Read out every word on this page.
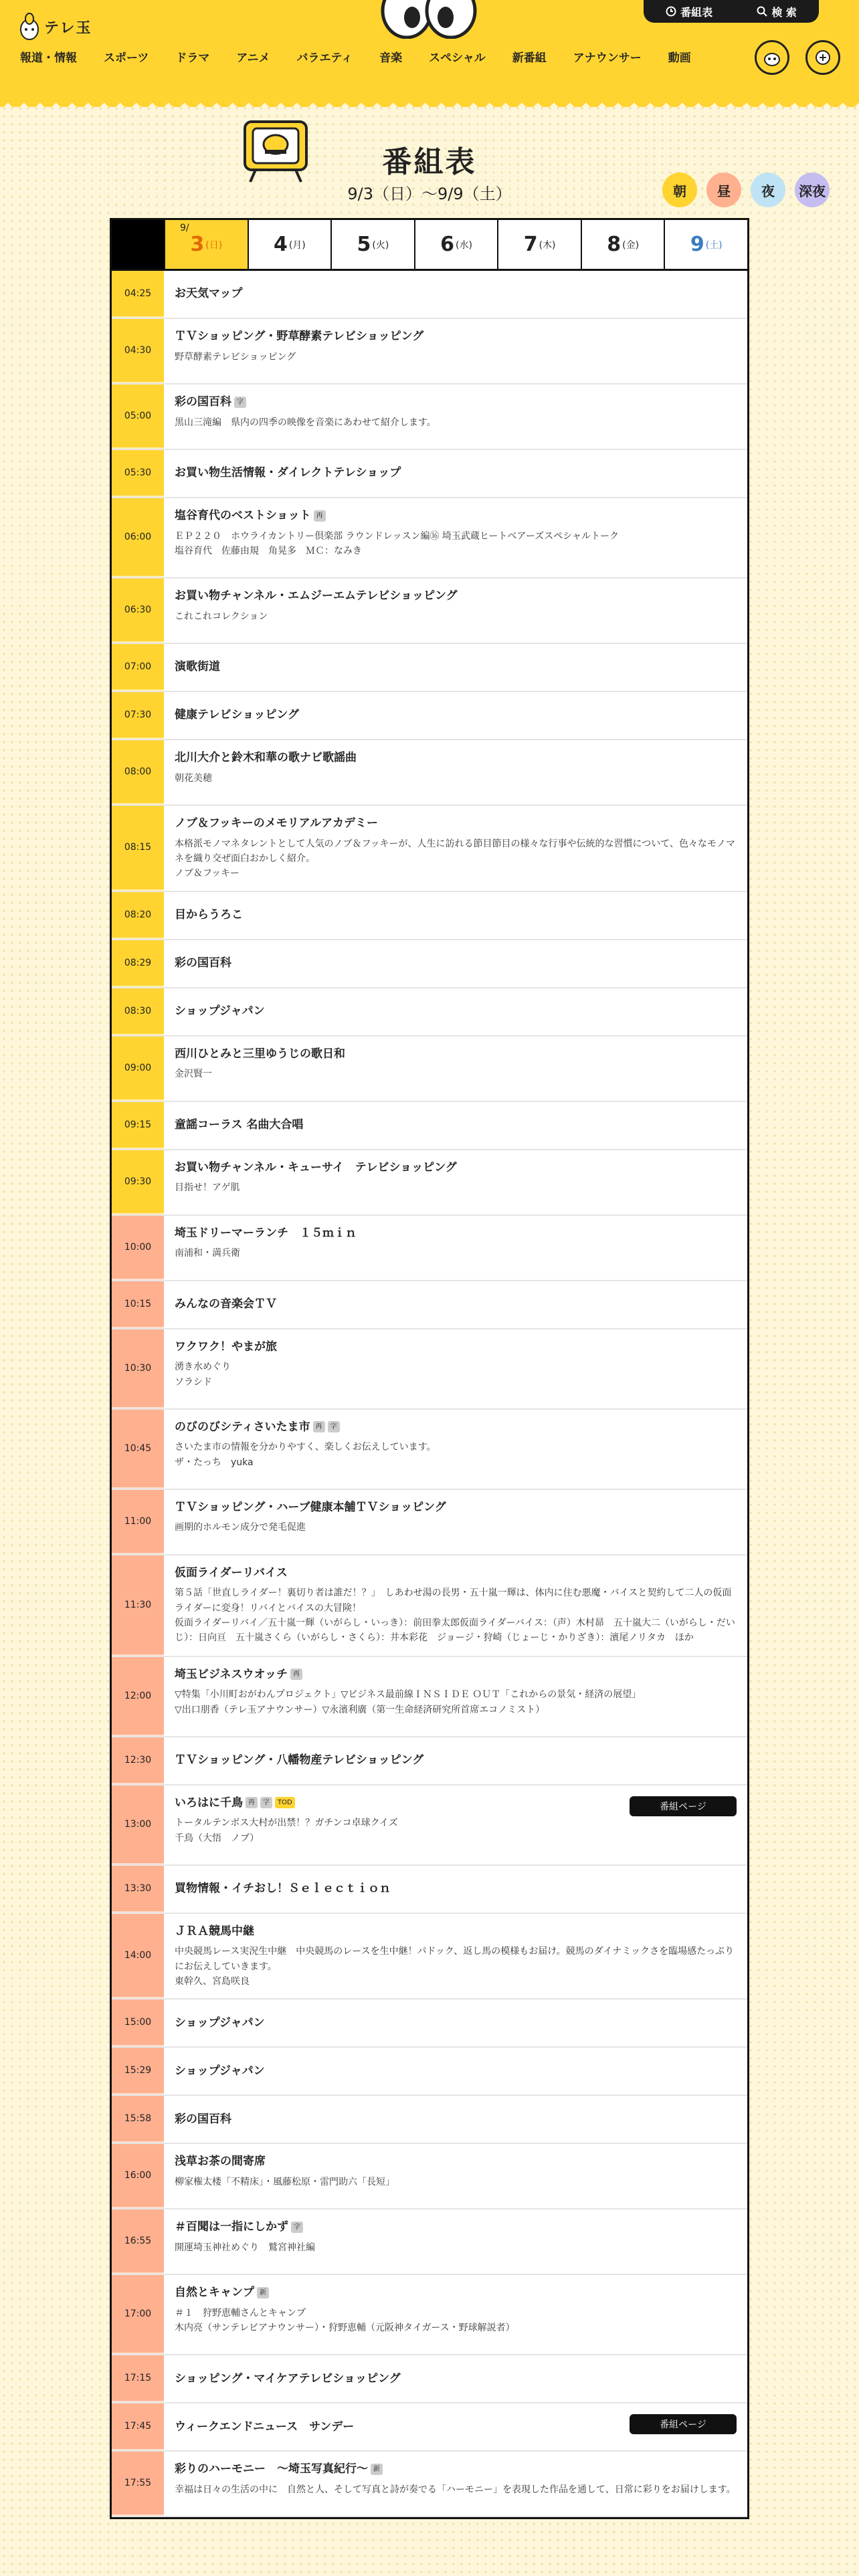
テレ玉
番組表	検 索
報道・情報 スポーツ ドラマ アニメ バラエティ 音楽 スペシャル 新番組 アナウンサー 動画
番組表
9/3（日）〜9/9（土）	朝	昼	夜	深夜
9/
3 (日)	4 (月)	5 (火)	6 (水)	7 (木)	8 (金)	9 (土)
04:25	お天気マップ
04:30
ＴＶショッピング・野草酵素テレビショッピング
野草酵素テレビショッピング
05:00
彩の国百科 字
黒山三滝編　県内の四季の映像を音楽にあわせて紹介します。
05:30	お買い物生活情報・ダイレクトテレショップ
06:00
塩谷育代のベストショット 再
ＥＰ２２０　ホウライカントリー倶楽部 ラウンドレッスン編⑯ 埼玉武蔵ヒートベアーズスペシャルトーク
塩谷育代　佐藤由規　角晃多　ＭＣ：なみき
06:30
お買い物チャンネル・エムジーエムテレビショッピング
これこれコレクション
07:00	演歌街道
07:30	健康テレビショッピング
08:00
北川大介と鈴木和華の歌ナビ歌謡曲
朝花美穂
08:15
ノブ＆フッキーのメモリアルアカデミー
本格派モノマネタレントとして人気のノブ＆フッキーが、人生に訪れる節目節目の様々な行事や伝統的な習慣について、色々なモノマネを織り交ぜ面白おかしく紹介。
ノブ＆フッキー
08:20	目からうろこ
08:29	彩の国百科
08:30	ショップジャパン
09:00
西川ひとみと三里ゆうじの歌日和
金沢賢一
09:15	童謡コーラス 名曲大合唱
09:30
お買い物チャンネル・キューサイ　テレビショッピング
目指せ！アゲ肌
10:00
埼玉ドリーマーランチ　１５ｍｉｎ
南浦和・満兵衛
10:15	みんなの音楽会ＴＶ
10:30
ワクワク！やまが旅
湧き水めぐり
ソラシド
10:45
のびのびシティさいたま市 再 字
さいたま市の情報を分かりやすく、楽しくお伝えしています。
ザ・たっち　yuka
11:00
ＴＶショッピング・ハーブ健康本舗ＴＶショッピング
画期的ホルモン成分で発毛促進
11:30
仮面ライダーリバイス
第５話「世直しライダー！裏切り者は誰だ！？」　しあわせ湯の長男・五十嵐一輝は、体内に住む悪魔・バイスと契約して二人の仮面ライダーに変身！リバイとバイスの大冒険！
仮面ライダーリバイ／五十嵐一輝（いがらし・いっき）：前田拳太郎仮面ライダーバイス：（声）木村昴　五十嵐大二（いがらし・だいじ）：日向亘　五十嵐さくら（いがらし・さくら）：井本彩花　ジョージ・狩崎（じょーじ・かりざき）：濱尾ノリタカ　ほか
12:00
埼玉ビジネスウオッチ 再
▽特集「小川町おがわんプロジェクト」▽ビジネス最前線ＩＮＳＩＤＥ ＯＵＴ「これからの景気・経済の展望」
▽出口朋香（テレ玉アナウンサー）▽永濱利廣（第一生命経済研究所首席エコノミスト）
12:30	ＴＶショッピング・八幡物産テレビショッピング
13:00
いろはに千鳥 再 字 TOD
トータルテンボス大村が出禁！？ガチンコ卓球クイズ
千鳥（大悟　ノブ）
番組ページ
13:30	買物情報・イチおし！Ｓｅｌｅｃｔｉｏｎ
14:00
ＪＲＡ競馬中継
中央競馬レース実況生中継　中央競馬のレースを生中継！パドック、返し馬の模様もお届け。競馬のダイナミックさを臨場感たっぷりにお伝えしていきます。
東幹久、宮島咲良
15:00	ショップジャパン
15:29	ショップジャパン
15:58	彩の国百科
16:00
浅草お茶の間寄席
柳家権太楼「不精床」・風藤松原・雷門助六「長短」
16:55
＃百聞は一指にしかず 字
開運埼玉神社めぐり　鷲宮神社編
17:00
自然とキャンプ 新
＃１　狩野恵輔さんとキャンプ
木内亮（サンテレビアナウンサー）・狩野恵輔（元阪神タイガース・野球解説者）
17:15	ショッピング・マイケアテレビショッピング
17:45	ウィークエンドニュース　サンデー	番組ページ
17:55
彩りのハーモニー　〜埼玉写真紀行〜 新
幸福は日々の生活の中に　自然と人、そして写真と詩が奏でる「ハーモニー」を表現した作品を通して、日常に彩りをお届けします。
